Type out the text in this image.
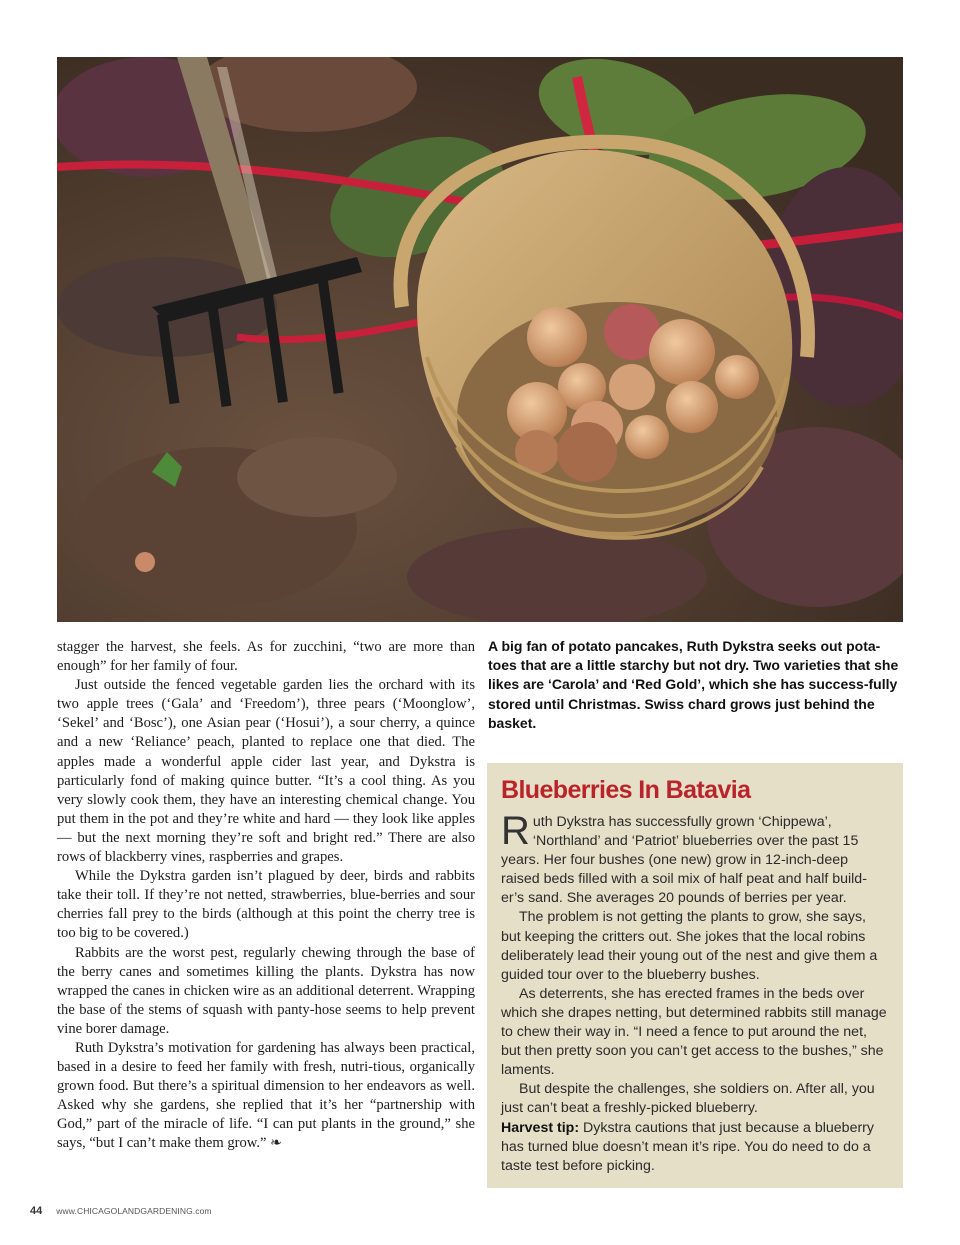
stagger the harvest, she feels. As for zucchini, “two are more than enough” for her family of four.

Just outside the fenced vegetable garden lies the orchard with its two apple trees (‘Gala’ and ‘Freedom’), three pears (‘Moonglow’, ‘Sekel’ and ‘Bosc’), one Asian pear (‘Hosui’), a sour cherry, a quince and a new ‘Reliance’ peach, planted to replace one that died. The apples made a wonderful apple cider last year, and Dykstra is particularly fond of making quince butter. “It’s a cool thing. As you very slowly cook them, they have an interesting chemical change. You put them in the pot and they’re white and hard — they look like apples — but the next morning they’re soft and bright red.” There are also rows of blackberry vines, raspberries and grapes.

While the Dykstra garden isn’t plagued by deer, birds and rabbits take their toll. If they’re not netted, strawberries, blue-berries and sour cherries fall prey to the birds (although at this point the cherry tree is too big to be covered.)

Rabbits are the worst pest, regularly chewing through the base of the berry canes and sometimes killing the plants. Dykstra has now wrapped the canes in chicken wire as an additional deterrent. Wrapping the base of the stems of squash with panty-hose seems to help prevent vine borer damage.

Ruth Dykstra’s motivation for gardening has always been practical, based in a desire to feed her family with fresh, nutri-tious, organically grown food. But there’s a spiritual dimension to her endeavors as well. Asked why she gardens, she replied that it’s her “partnership with God,” part of the miracle of life. “I can put plants in the ground,” she says, “but I can’t make them grow.” ❧

A big fan of potato pancakes, Ruth Dykstra seeks out pota-toes that are a little starchy but not dry. Two varieties that she likes are ‘Carola’ and ‘Red Gold’, which she has success-fully stored until Christmas. Swiss chard grows just behind the basket.
Blueberries In Batavia

Ruth Dykstra has successfully grown ‘Chippewa’, ‘Northland’ and ‘Patriot’ blueberries over the past 15 years. Her four bushes (one new) grow in 12-inch-deep raised beds filled with a soil mix of half peat and half build-er’s sand. She averages 20 pounds of berries per year.

The problem is not getting the plants to grow, she says, but keeping the critters out. She jokes that the local robins deliberately lead their young out of the nest and give them a guided tour over to the blueberry bushes.

As deterrents, she has erected frames in the beds over which she drapes netting, but determined rabbits still manage to chew their way in. “I need a fence to put around the net, but then pretty soon you can’t get access to the bushes,” she laments.

But despite the challenges, she soldiers on. After all, you just can’t beat a freshly-picked blueberry.

Harvest tip: Dykstra cautions that just because a blueberry has turned blue doesn’t mean it’s ripe. You do need to do a taste test before picking.

44 www.CHICAGOLANDGARDENING.com
